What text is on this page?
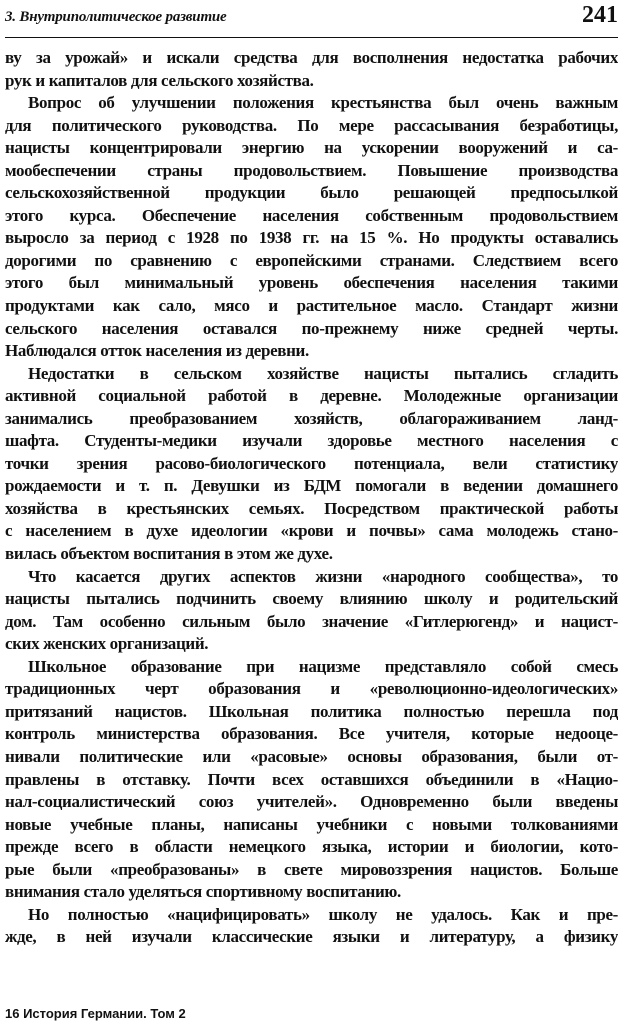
3. Внутриполитическое развитие	241
ву за урожай» и искали средства для восполнения недостатка рабочих
рук и капиталов для сельского хозяйства.
Вопрос об улучшении положения крестьянства был очень важным
для политического руководства. По мере рассасывания безработицы,
нацисты концентрировали энергию на ускорении вооружений и са-
мообеспечении страны продовольствием. Повышение производства
сельскохозяйственной продукции было решающей предпосылкой
этого курса. Обеспечение населения собственным продовольствием
выросло за период с 1928 по 1938 гг. на 15 %. Но продукты оставались
дорогими по сравнению с европейскими странами. Следствием всего
этого был минимальный уровень обеспечения населения такими
продуктами как сало, мясо и растительное масло. Стандарт жизни
сельского населения оставался по-прежнему ниже средней черты.
Наблюдался отток населения из деревни.
Недостатки в сельском хозяйстве нацисты пытались сгладить
активной социальной работой в деревне. Молодежные организации
занимались преобразованием хозяйств, облагораживанием ланд-
шафта. Студенты-медики изучали здоровье местного населения с
точки зрения расово-биологического потенциала, вели статистику
рождаемости и т. п. Девушки из БДМ помогали в ведении домашнего
хозяйства в крестьянских семьях. Посредством практической работы
с населением в духе идеологии «крови и почвы» сама молодежь стано-
вилась объектом воспитания в этом же духе.
Что касается других аспектов жизни «народного сообщества», то
нацисты пытались подчинить своему влиянию школу и родительский
дом. Там особенно сильным было значение «Гитлерюгенд» и нацист-
ских женских организаций.
Школьное образование при нацизме представляло собой смесь
традиционных черт образования и «революционно-идеологических»
притязаний нацистов. Школьная политика полностью перешла под
контроль министерства образования. Все учителя, которые недооце-
нивали политические или «расовые» основы образования, были от-
правлены в отставку. Почти всех оставшихся объединили в «Нацио-
нал-социалистический союз учителей». Одновременно были введены
новые учебные планы, написаны учебники с новыми толкованиями
прежде всего в области немецкого языка, истории и биологии, кото-
рые были «преобразованы» в свете мировоззрения нацистов. Больше
внимания стало уделяться спортивному воспитанию.
Но полностью «нацифицировать» школу не удалось. Как и пре-
жде, в ней изучали классические языки и литературу, а физику
16 История Германии. Том 2
